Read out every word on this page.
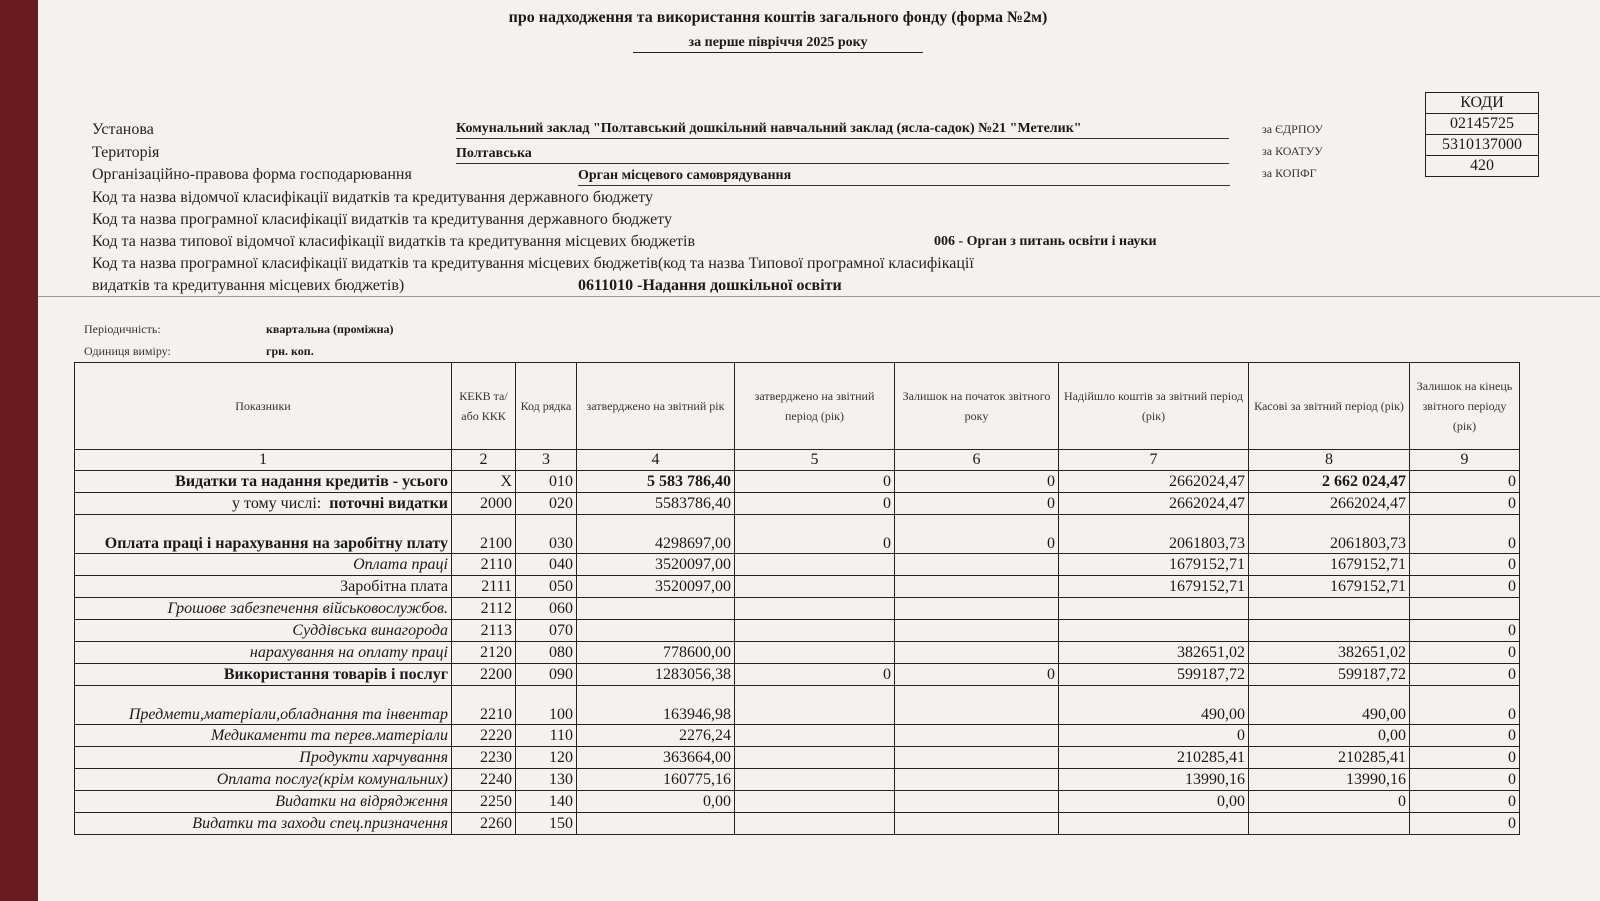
про надходження та використання коштів загального фонду (форма №2м)
за перше півріччя 2025 року
Установа	Комунальний заклад "Полтавський дошкільний навчальний заклад (ясла-садок) №21 "Метелик"
Територія	Полтавська
Організаційно-правова форма господарювання	Орган місцевого самоврядування
за ЄДРПОУ
за КОАТУУ
за КОПФГ
КОДИ
02145725
5310137000
420
Код та назва відомчої класифікації видатків та кредитування державного бюджету
Код та назва програмної класифікації видатків та кредитування державного бюджету
Код та назва типової відомчої класифікації видатків та кредитування місцевих бюджетів	006 - Орган з питань освіти і науки
Код та назва програмної класифікації видатків та кредитування місцевих бюджетів(код та назва Типової програмної класифікації
видатків та кредитування місцевих бюджетів)	0611010 -Надання дошкільної освіти
Періодичність:	квартальна (проміжна)
Одиниця виміру:	грн. коп.
Показники	КЕКВ та/або ККК	Код рядка	затверджено на звітний рік	затверджено на звітний період (рік)	Залишок на початок звітного року	Надійшло коштів за звітний період (рік)	Касові за звітний період (рік)	Залишок на кінець звітного періоду (рік)
1	2	3	4	5	6	7	8	9
Видатки та надання кредитів - усього	X	010	5 583 786,40	0	0	2662024,47	2 662 024,47	0
у тому числі: поточні видатки	2000	020	5583786,40	0	0	2662024,47	2662024,47	0
Оплата праці і нарахування на заробітну плату	2100	030	4298697,00	0	0	2061803,73	2061803,73	0
Оплата праці	2110	040	3520097,00			1679152,71	1679152,71	0
Заробітна плата	2111	050	3520097,00			1679152,71	1679152,71	0
Грошове забезпечення військовослужбов.	2112	060						
Суддівська винагорода	2113	070						0
нарахування на оплату праці	2120	080	778600,00			382651,02	382651,02	0
Використання товарів і послуг	2200	090	1283056,38	0	0	599187,72	599187,72	0
Предмети,матеріали,обладнання та інвентар	2210	100	163946,98			490,00	490,00	0
Медикаменти та перев.матеріали	2220	110	2276,24			0	0,00	0
Продукти харчування	2230	120	363664,00			210285,41	210285,41	0
Оплата послуг(крім комунальних)	2240	130	160775,16			13990,16	13990,16	0
Видатки на відрядження	2250	140	0,00			0,00	0	0
Видатки та заходи спец.призначення	2260	150						0
